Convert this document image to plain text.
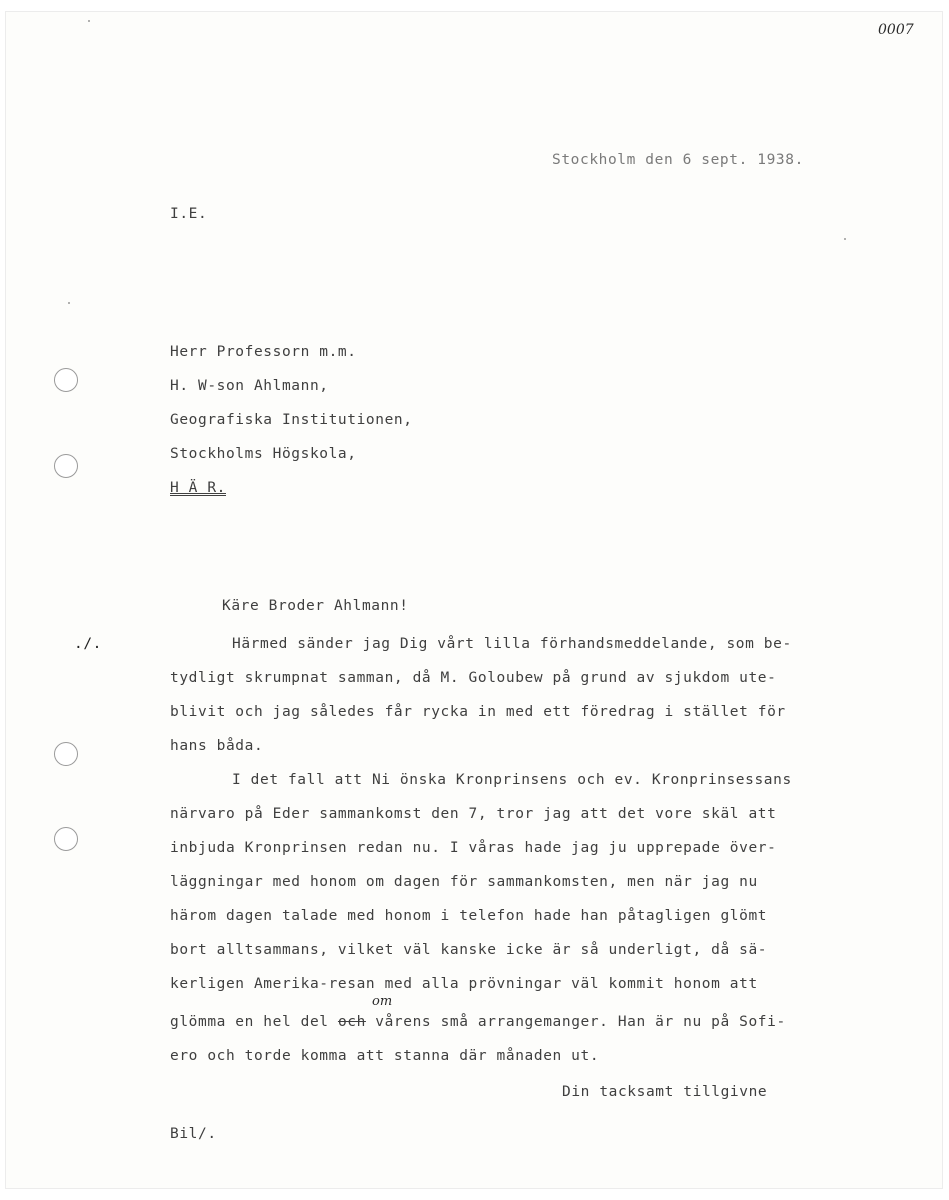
0007
Stockholm den 6 sept. 1938.
I.E.
Herr Professorn m.m.
H. W-son Ahlmann,
Geografiska Institutionen,
Stockholms Högskola,
H Ä R.
Käre Broder Ahlmann!
./.	Härmed sänder jag Dig vårt lilla förhandsmeddelande, som be-
tydligt skrumpnat samman, då M. Goloubew på grund av sjukdom ute-
blivit och jag således får rycka in med ett föredrag i stället för
hans båda.
I det fall att Ni önska Kronprinsens och ev. Kronprinsessans
närvaro på Eder sammankomst den 7, tror jag att det vore skäl att
inbjuda Kronprinsen redan nu. I våras hade jag ju upprepade över-
läggningar med honom om dagen för sammankomsten, men när jag nu
härom dagen talade med honom i telefon hade han påtagligen glömt
bort alltsammans, vilket väl kanske icke är så underligt, då sä-
kerligen Amerika-resan med alla prövningar väl kommit honom att
om
glömma en hel del och vårens små arrangemanger. Han är nu på Sofi-
ero och torde komma att stanna där månaden ut.
Din tacksamt tillgivne
Bil/.
